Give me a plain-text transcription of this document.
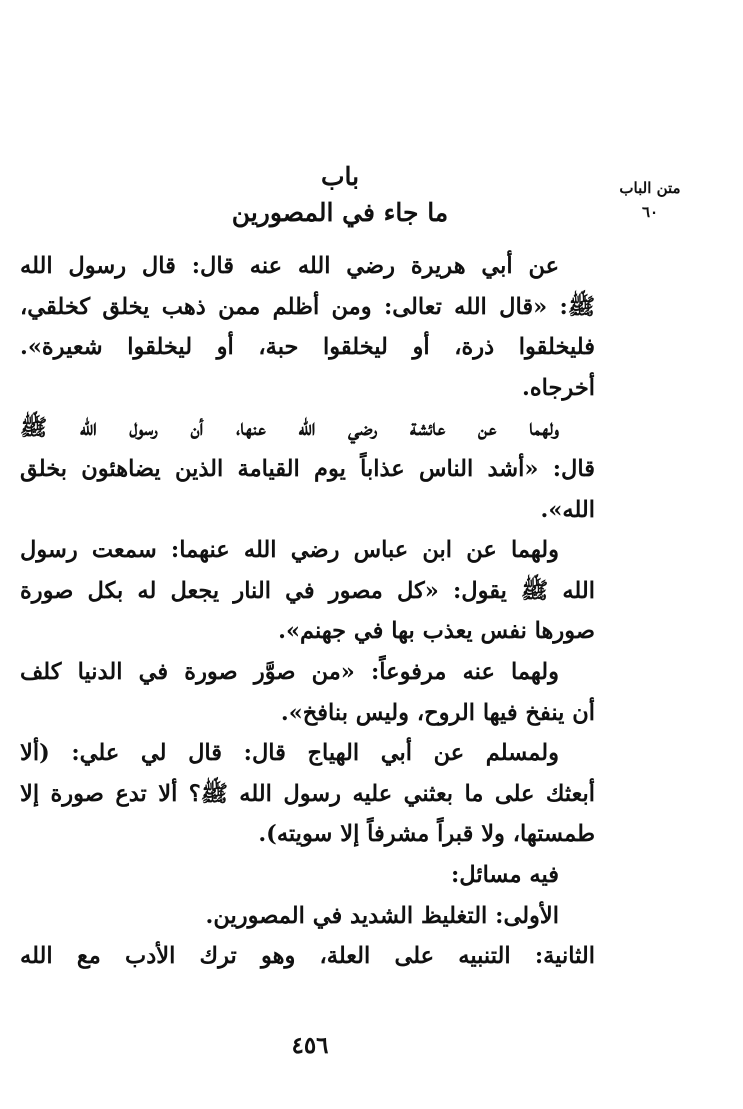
متن الباب
٦٠
باب
ما جاء في المصورين
عن أبي هريرة رضي الله عنه قال: قال رسول الله
ﷺ: «قال الله تعالى: ومن أظلم ممن ذهب يخلق كخلقي،
فليخلقوا ذرة، أو ليخلقوا حبة، أو ليخلقوا شعيرة».
أخرجاه.
ولهما عن عائشة رضي الله عنها، أن رسول الله ﷺ
قال: «أشد الناس عذاباً يوم القيامة الذين يضاهئون بخلق
الله».
ولهما عن ابن عباس رضي الله عنهما: سمعت رسول
الله ﷺ يقول: «كل مصور في النار يجعل له بكل صورة
صورها نفس يعذب بها في جهنم».
ولهما عنه مرفوعاً: «من صوَّر صورة في الدنيا كلف
أن ينفخ فيها الروح، وليس بنافخ».
ولمسلم عن أبي الهياج قال: قال لي علي: (ألا
أبعثك على ما بعثني عليه رسول الله ﷺ؟ ألا تدع صورة إلا
طمستها، ولا قبراً مشرفاً إلا سويته).
فيه مسائل:
الأولى: التغليظ الشديد في المصورين.
الثانية: التنبيه على العلة، وهو ترك الأدب مع الله
٤٥٦
